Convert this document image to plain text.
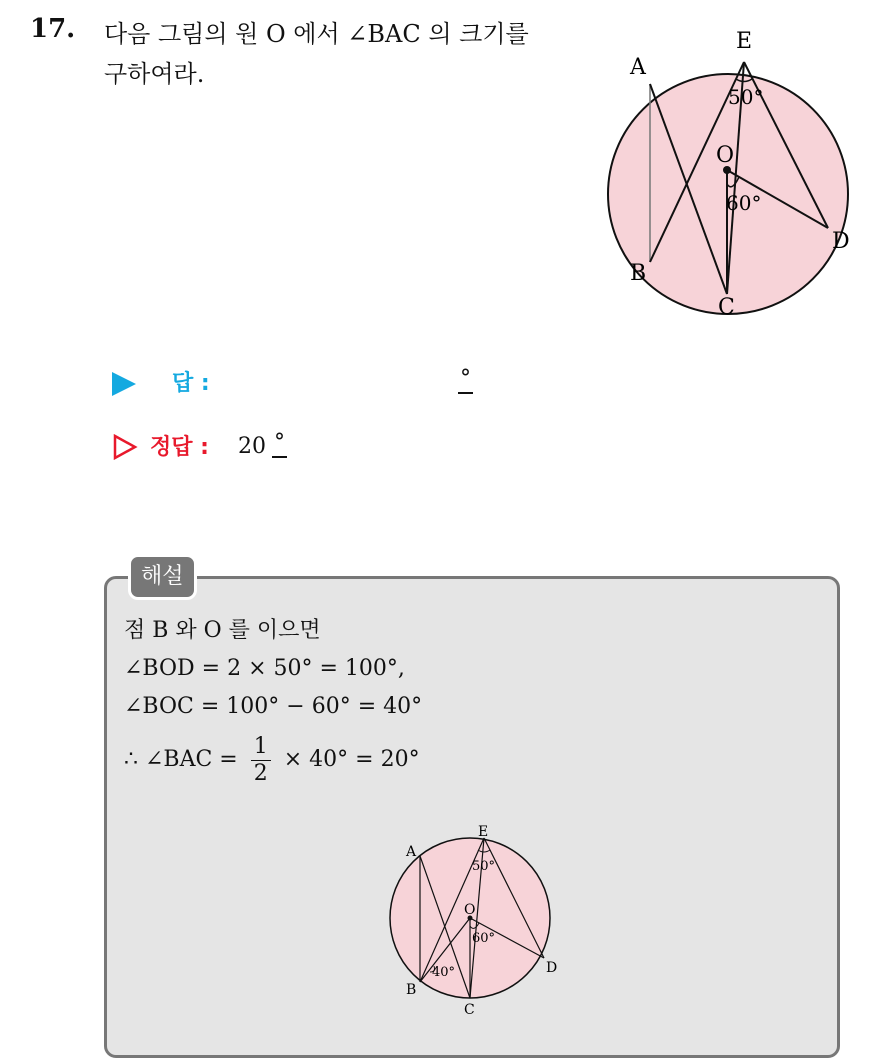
17. 다음 그림의 원 O 에서 ∠BAC 의 크기를
구하여라.	A
B
C
D
E
O
50°
60°
답 :	°
정답 : 20 °
해설
점 B 와 O 를 이으면
∠BOD = 2 × 50° = 100°,
∠BOC = 100° − 60° = 40°
∴ ∠BAC = $\frac{1}{2} \times 40^\circ = 20^\circ$
A
B
C
D
E
O
50°
60°
40°
